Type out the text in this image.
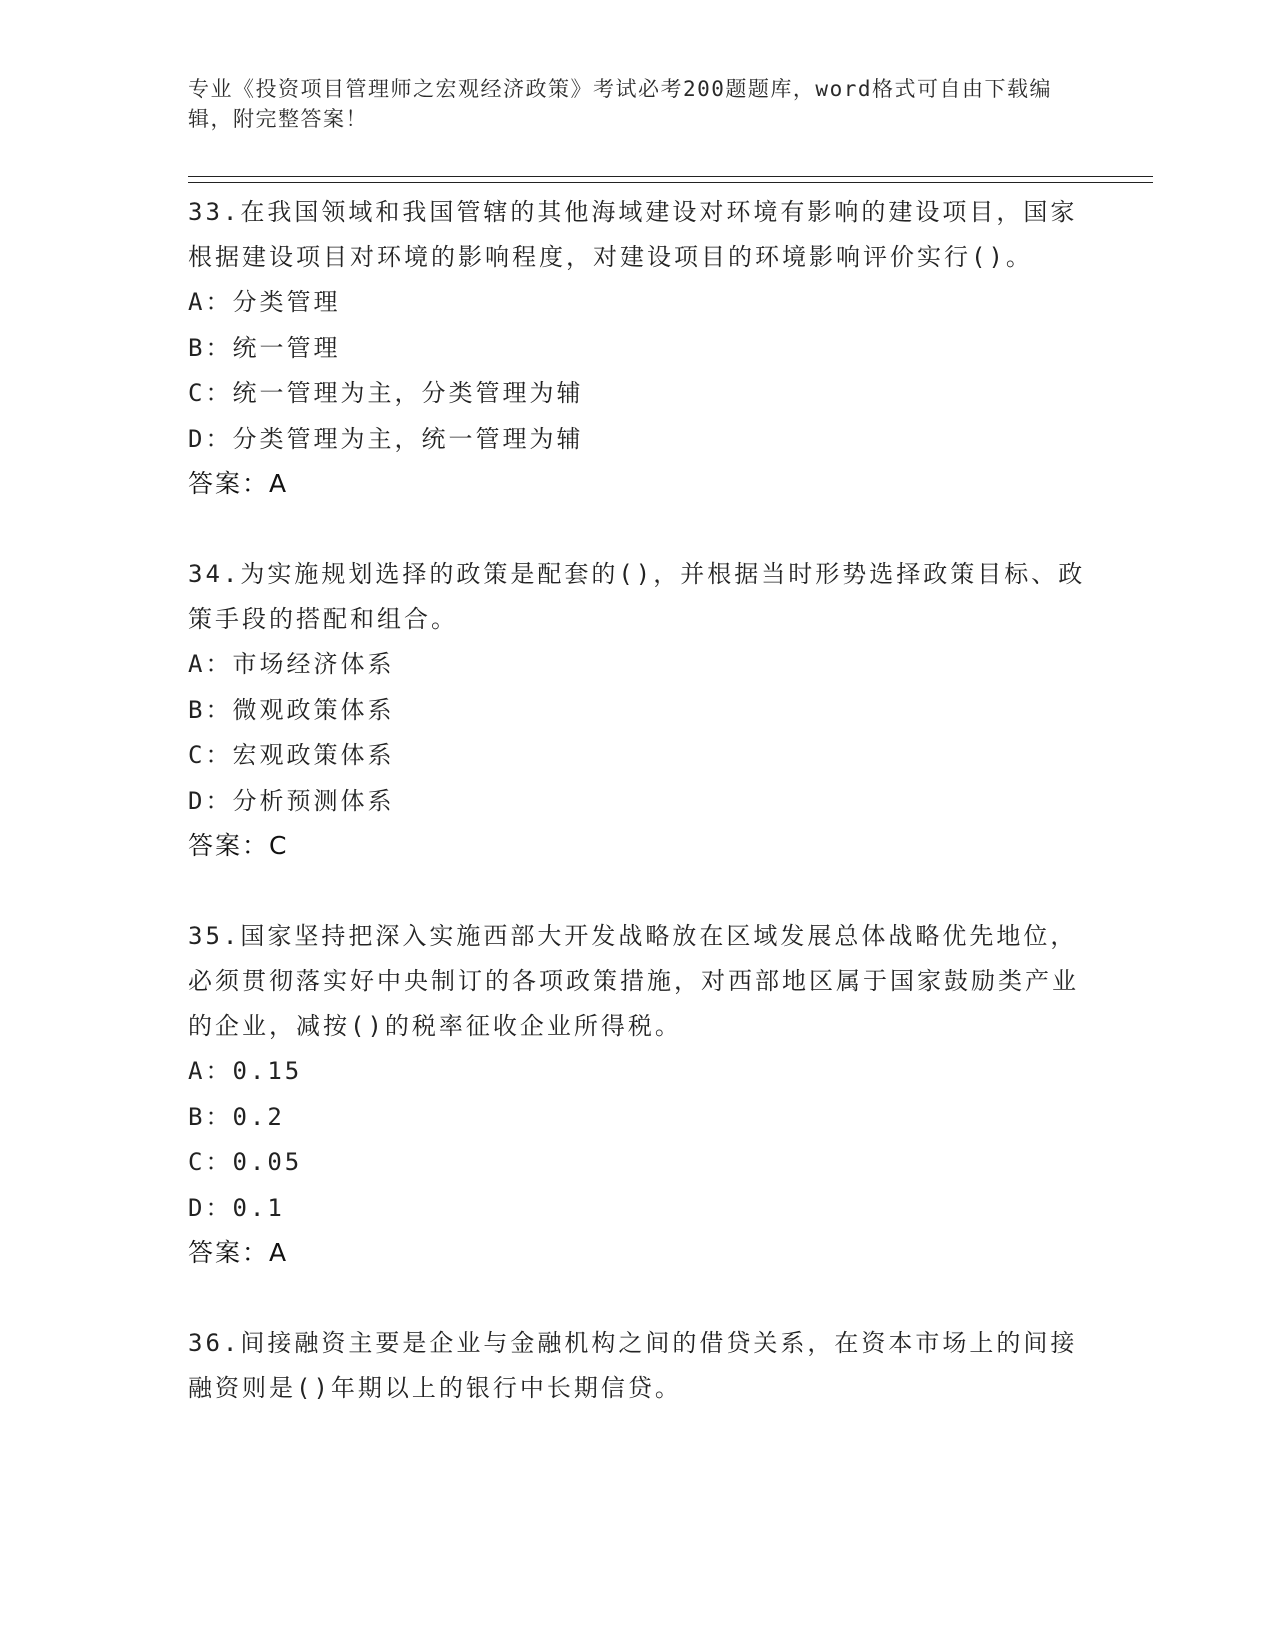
专业《投资项目管理师之宏观经济政策》考试必考200题题库，word格式可自由下载编辑，附完整答案！

33.在我国领域和我国管辖的其他海域建设对环境有影响的建设项目，国家根据建设项目对环境的影响程度，对建设项目的环境影响评价实行()。

A：分类管理

B：统一管理

C：统一管理为主，分类管理为辅

D：分类管理为主，统一管理为辅

答案：A

34.为实施规划选择的政策是配套的()，并根据当时形势选择政策目标、政策手段的搭配和组合。

A：市场经济体系

B：微观政策体系

C：宏观政策体系

D：分析预测体系

答案：C

35.国家坚持把深入实施西部大开发战略放在区域发展总体战略优先地位，必须贯彻落实好中央制订的各项政策措施，对西部地区属于国家鼓励类产业的企业，减按()的税率征收企业所得税。

A：0.15

B：0.2

C：0.05

D：0.1

答案：A

36.间接融资主要是企业与金融机构之间的借贷关系，在资本市场上的间接融资则是()年期以上的银行中长期信贷。
